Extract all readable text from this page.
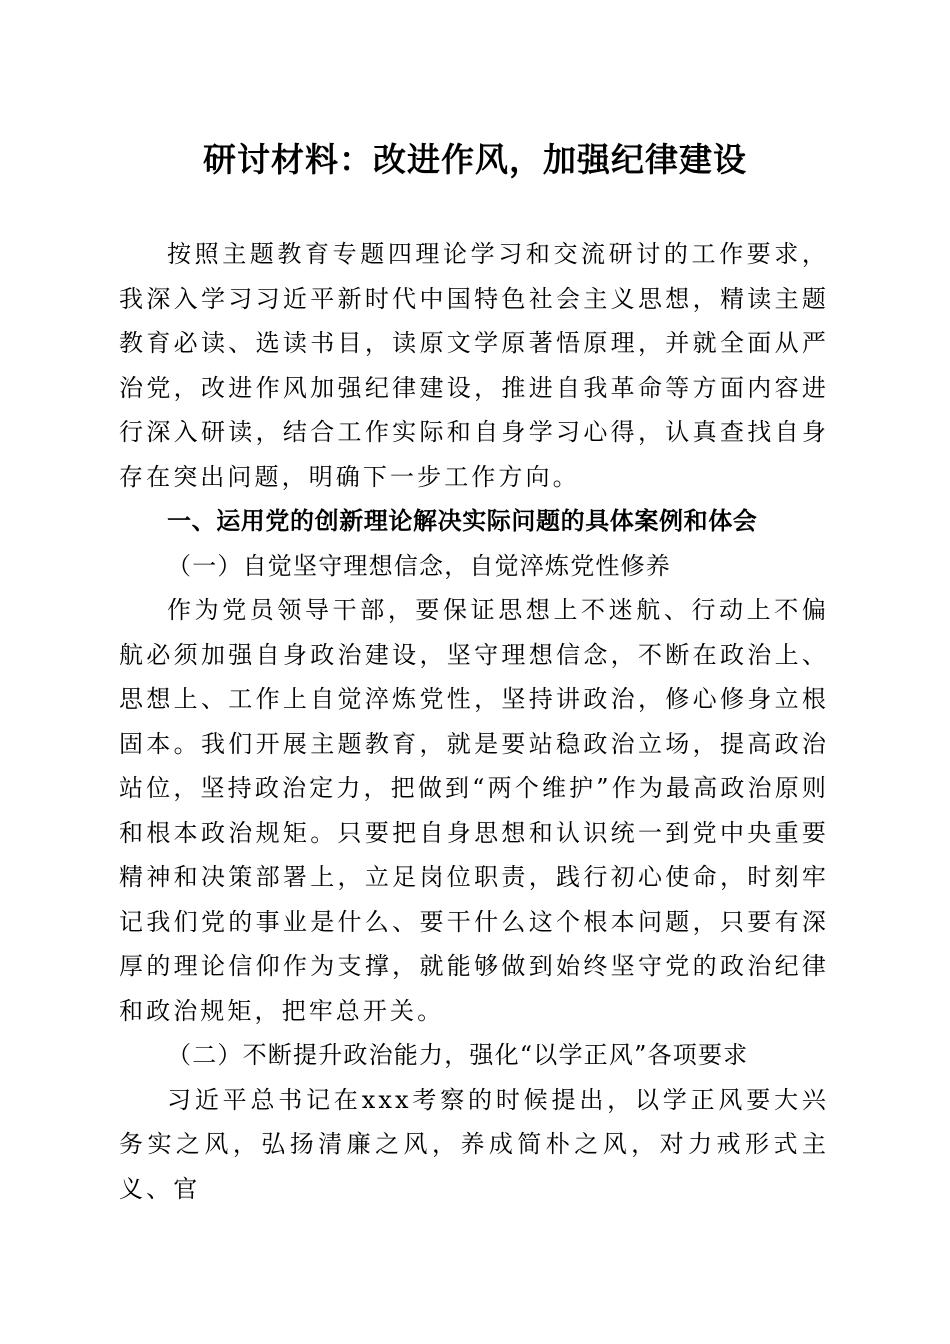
研讨材料：改进作风，加强纪律建设

按照主题教育专题四理论学习和交流研讨的工作要求，我深入学习习近平新时代中国特色社会主义思想，精读主题教育必读、选读书目，读原文学原著悟原理，并就全面从严治党，改进作风加强纪律建设，推进自我革命等方面内容进行深入研读，结合工作实际和自身学习心得，认真查找自身存在突出问题，明确下一步工作方向。

一、运用党的创新理论解决实际问题的具体案例和体会

（一）自觉坚守理想信念，自觉淬炼党性修养

作为党员领导干部，要保证思想上不迷航、行动上不偏航必须加强自身政治建设，坚守理想信念，不断在政治上、思想上、工作上自觉淬炼党性，坚持讲政治，修心修身立根固本。我们开展主题教育，就是要站稳政治立场，提高政治站位，坚持政治定力，把做到“两个维护”作为最高政治原则和根本政治规矩。只要把自身思想和认识统一到党中央重要精神和决策部署上，立足岗位职责，践行初心使命，时刻牢记我们党的事业是什么、要干什么这个根本问题，只要有深厚的理论信仰作为支撑，就能够做到始终坚守党的政治纪律和政治规矩，把牢总开关。

（二）不断提升政治能力，强化“以学正风”各项要求

习近平总书记在xxx考察的时候提出，以学正风要大兴务实之风，弘扬清廉之风，养成简朴之风，对力戒形式主义、官
